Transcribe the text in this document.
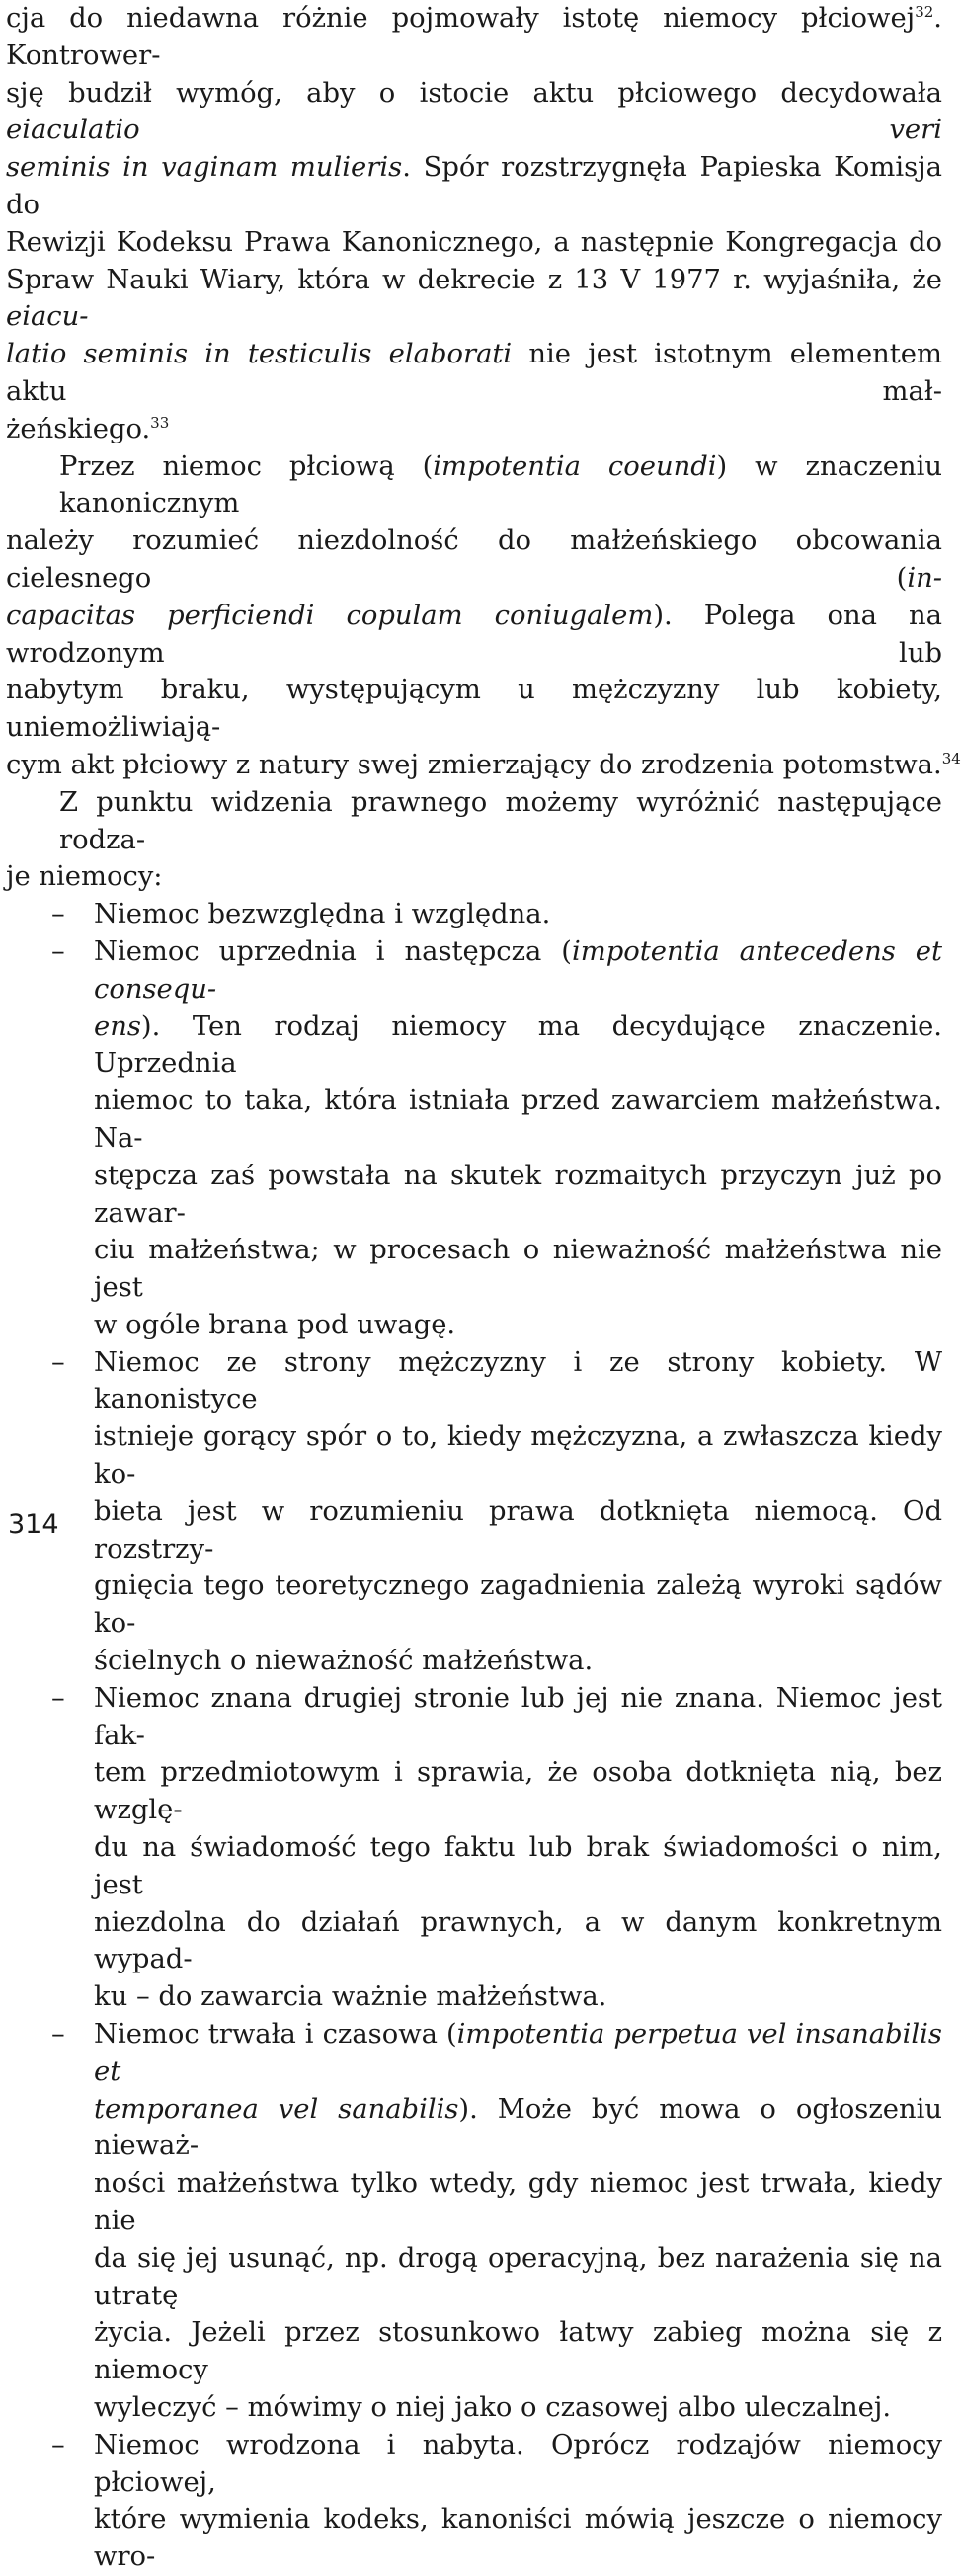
cja do niedawna różnie pojmowały istotę niemocy płciowej$^{32}$. Kontrower-
sję budził wymóg, aby o istocie aktu płciowego decydowała eiaculatio veri
seminis in vaginam mulieris. Spór rozstrzygnęła Papieska Komisja do
Rewizji Kodeksu Prawa Kanonicznego, a następnie Kongregacja do
Spraw Nauki Wiary, która w dekrecie z 13 V 1977 r. wyjaśniła, że eiacu-
latio seminis in testiculis elaborati nie jest istotnym elementem aktu mał-
żeńskiego.$^{33}$
Przez niemoc płciową (impotentia coeundi) w znaczeniu kanonicznym
należy rozumieć niezdolność do małżeńskiego obcowania cielesnego (in-
capacitas perficiendi copulam coniugalem). Polega ona na wrodzonym lub
nabytym braku, występującym u mężczyzny lub kobiety, uniemożliwiają-
cym akt płciowy z natury swej zmierzający do zrodzenia potomstwa.$^{34}$
Z punktu widzenia prawnego możemy wyróżnić następujące rodza-
je niemocy:
– Niemoc bezwzględna i względna.
– Niemoc uprzednia i następcza (impotentia antecedens et consequ-
ens). Ten rodzaj niemocy ma decydujące znaczenie. Uprzednia
niemoc to taka, która istniała przed zawarciem małżeństwa. Na-
stępcza zaś powstała na skutek rozmaitych przyczyn już po zawar-
ciu małżeństwa; w procesach o nieważność małżeństwa nie jest
w ogóle brana pod uwagę.
– Niemoc ze strony mężczyzny i ze strony kobiety. W kanonistyce
istnieje gorący spór o to, kiedy mężczyzna, a zwłaszcza kiedy ko-
bieta jest w rozumieniu prawa dotknięta niemocą. Od rozstrzy-
gnięcia tego teoretycznego zagadnienia zależą wyroki sądów ko-
ścielnych o nieważność małżeństwa.
– Niemoc znana drugiej stronie lub jej nie znana. Niemoc jest fak-
tem przedmiotowym i sprawia, że osoba dotknięta nią, bez wzglę-
du na świadomość tego faktu lub brak świadomości o nim, jest
niezdolna do działań prawnych, a w danym konkretnym wypad-
ku – do zawarcia ważnie małżeństwa.
– Niemoc trwała i czasowa (impotentia perpetua vel insanabilis et
temporanea vel sanabilis). Może być mowa o ogłoszeniu nieważ-
ności małżeństwa tylko wtedy, gdy niemoc jest trwała, kiedy nie
da się jej usunąć, np. drogą operacyjną, bez narażenia się na utratę
życia. Jeżeli przez stosunkowo łatwy zabieg można się z niemocy
wyleczyć – mówimy o niej jako o czasowej albo uleczalnej.
– Niemoc wrodzona i nabyta. Oprócz rodzajów niemocy płciowej,
które wymienia kodeks, kanoniści mówią jeszcze o niemocy wro-
314
